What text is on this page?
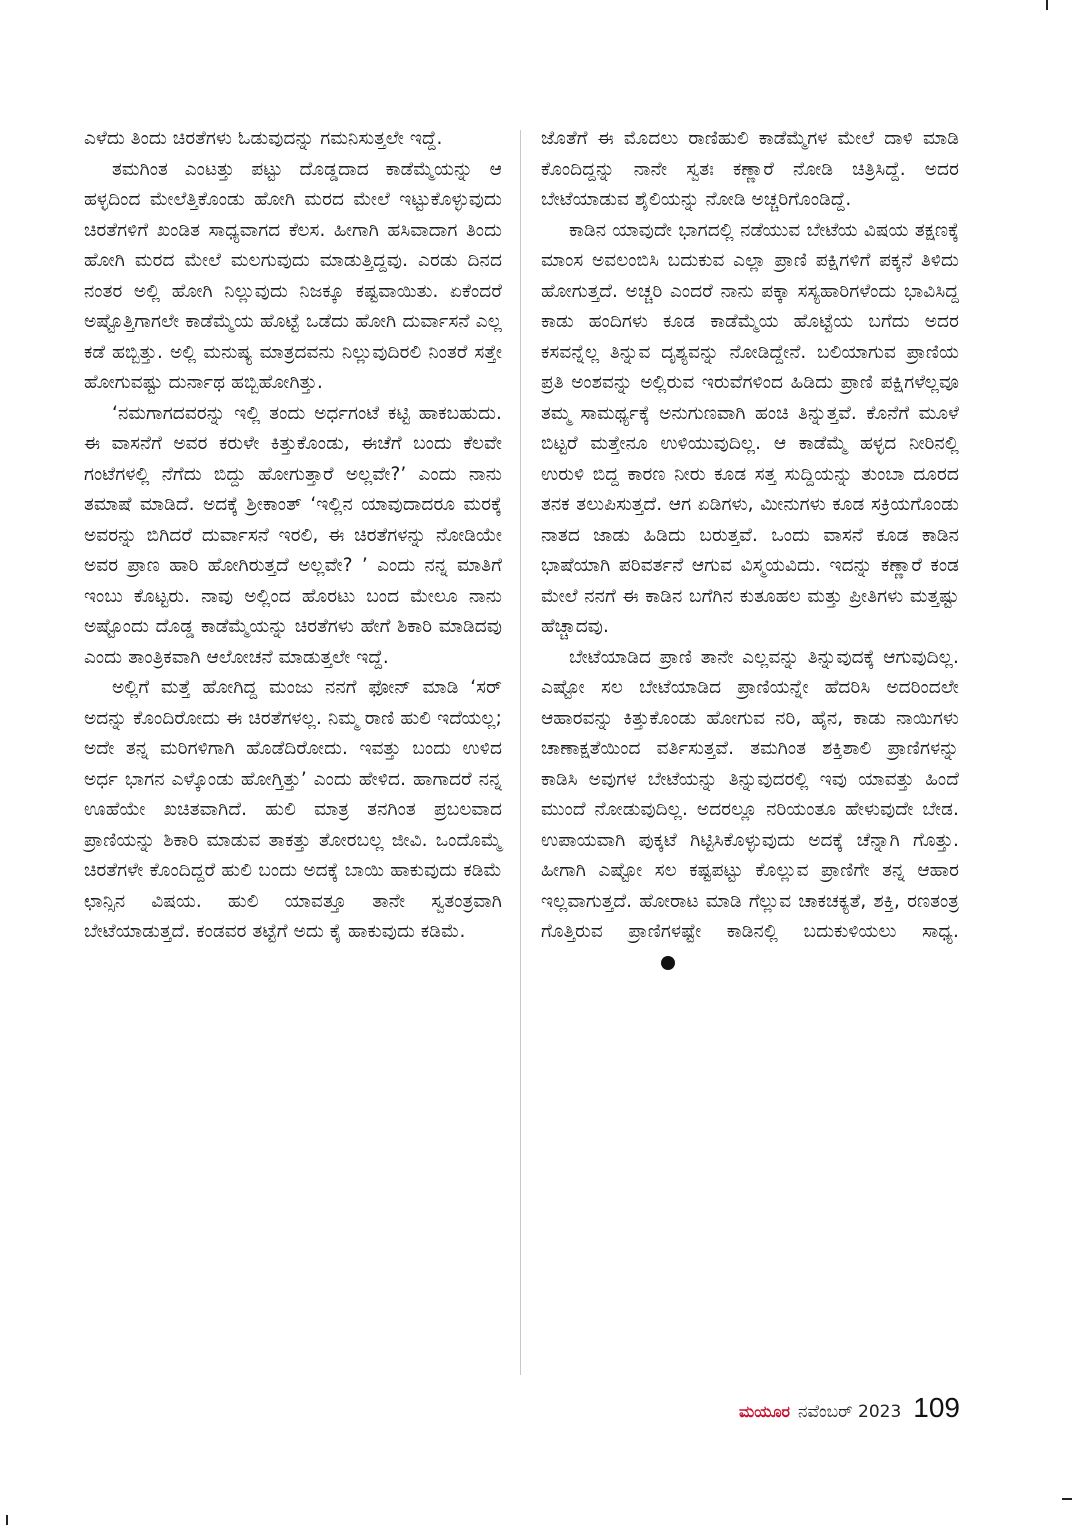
ಎಳೆದು ತಿಂದು ಚಿರತೆಗಳು ಓಡುವುದನ್ನು ಗಮನಿಸುತ್ತಲೇ ಇದ್ದೆ.

ತಮಗಿಂತ ಎಂಟತ್ತು ಪಟ್ಟು ದೊಡ್ಡದಾದ ಕಾಡೆಮ್ಮೆಯನ್ನು ಆ ಹಳ್ಳದಿಂದ ಮೇಲೆತ್ತಿಕೊಂಡು ಹೋಗಿ ಮರದ ಮೇಲೆ ಇಟ್ಟುಕೊಳ್ಳುವುದು ಚಿರತೆಗಳಿಗೆ ಖಂಡಿತ ಸಾಧ್ಯವಾಗದ ಕೆಲಸ. ಹೀಗಾಗಿ ಹಸಿವಾದಾಗ ತಿಂದು ಹೋಗಿ ಮರದ ಮೇಲೆ ಮಲಗುವುದು ಮಾಡುತ್ತಿದ್ದವು. ಎರಡು ದಿನದ ನಂತರ ಅಲ್ಲಿ ಹೋಗಿ ನಿಲ್ಲುವುದು ನಿಜಕ್ಕೂ ಕಷ್ಟವಾಯಿತು. ಏಕೆಂದರೆ ಅಷ್ಟೊತ್ತಿಗಾಗಲೇ ಕಾಡೆಮ್ಮೆಯ ಹೊಟ್ಟೆ ಒಡೆದು ಹೋಗಿ ದುರ್ವಾಸನೆ ಎಲ್ಲ ಕಡೆ ಹಬ್ಬಿತ್ತು. ಅಲ್ಲಿ ಮನುಷ್ಯ ಮಾತ್ರದವನು ನಿಲ್ಲುವುದಿರಲಿ ನಿಂತರೆ ಸತ್ತೇ ಹೋಗುವಷ್ಟು ದುರ್ನಾಥ ಹಬ್ಬಿಹೋಗಿತ್ತು.

‘ನಮಗಾಗದವರನ್ನು ಇಲ್ಲಿ ತಂದು ಅರ್ಧಗಂಟೆ ಕಟ್ಟಿ ಹಾಕಬಹುದು. ಈ ವಾಸನೆಗೆ ಅವರ ಕರುಳೇ ಕಿತ್ತುಕೊಂಡು, ಈಚೆಗೆ ಬಂದು ಕೆಲವೇ ಗಂಟೆಗಳಲ್ಲಿ ನೆಗೆದು ಬಿದ್ದು ಹೋಗುತ್ತಾರೆ ಅಲ್ಲವೇ?’ ಎಂದು ನಾನು ತಮಾಷೆ ಮಾಡಿದೆ. ಅದಕ್ಕೆ ಶ್ರೀಕಾಂತ್ ‘ಇಲ್ಲಿನ ಯಾವುದಾದರೂ ಮರಕ್ಕೆ ಅವರನ್ನು ಬಿಗಿದರೆ ದುರ್ವಾಸನೆ ಇರಲಿ, ಈ ಚಿರತೆಗಳನ್ನು ನೋಡಿಯೇ ಅವರ ಪ್ರಾಣ ಹಾರಿ ಹೋಗಿರುತ್ತದೆ ಅಲ್ಲವೇ? ’ ಎಂದು ನನ್ನ ಮಾತಿಗೆ ಇಂಬು ಕೊಟ್ಟರು. ನಾವು ಅಲ್ಲಿಂದ ಹೊರಟು ಬಂದ ಮೇಲೂ ನಾನು ಅಷ್ಟೊಂದು ದೊಡ್ಡ ಕಾಡೆಮ್ಮೆಯನ್ನು ಚಿರತೆಗಳು ಹೇಗೆ ಶಿಕಾರಿ ಮಾಡಿದವು ಎಂದು ತಾಂತ್ರಿಕವಾಗಿ ಆಲೋಚನೆ ಮಾಡುತ್ತಲೇ ಇದ್ದೆ.

ಅಲ್ಲಿಗೆ ಮತ್ತೆ ಹೋಗಿದ್ದ ಮಂಜು ನನಗೆ ಫೋನ್ ಮಾಡಿ ‘ಸರ್ ಅದನ್ನು ಕೊಂದಿರೋದು ಈ ಚಿರತೆಗಳಲ್ಲ. ನಿಮ್ಮ ರಾಣಿ ಹುಲಿ ಇದೆಯಲ್ಲ; ಅದೇ ತನ್ನ ಮರಿಗಳಿಗಾಗಿ ಹೊಡೆದಿರೋದು. ಇವತ್ತು ಬಂದು ಉಳಿದ ಅರ್ಧ ಭಾಗನ ಎಳ್ಕೊಂಡು ಹೋಗ್ತಿತ್ತು’ ಎಂದು ಹೇಳಿದ. ಹಾಗಾದರೆ ನನ್ನ ಊಹೆಯೇ ಖಚಿತವಾಗಿದೆ. ಹುಲಿ ಮಾತ್ರ ತನಗಿಂತ ಪ್ರಬಲವಾದ ಪ್ರಾಣಿಯನ್ನು ಶಿಕಾರಿ ಮಾಡುವ ತಾಕತ್ತು ತೋರಬಲ್ಲ ಜೀವಿ. ಒಂದೊಮ್ಮೆ ಚಿರತೆಗಳೇ ಕೊಂದಿದ್ದರೆ ಹುಲಿ ಬಂದು ಅದಕ್ಕೆ ಬಾಯಿ ಹಾಕುವುದು ಕಡಿಮೆ ಛಾನ್ಸಿನ ವಿಷಯ. ಹುಲಿ ಯಾವತ್ತೂ ತಾನೇ ಸ್ವತಂತ್ರವಾಗಿ ಬೇಟೆಯಾಡುತ್ತದೆ. ಕಂಡವರ ತಟ್ಟೆಗೆ ಅದು ಕೈ ಹಾಕುವುದು ಕಡಿಮೆ.

ಜೊತೆಗೆ ಈ ಮೊದಲು ರಾಣಿಹುಲಿ ಕಾಡೆಮ್ಮೆಗಳ ಮೇಲೆ ದಾಳಿ ಮಾಡಿ ಕೊಂದಿದ್ದನ್ನು ನಾನೇ ಸ್ವತಃ ಕಣ್ಣಾರೆ ನೋಡಿ ಚಿತ್ರಿಸಿದ್ದೆ. ಅದರ ಬೇಟೆಯಾಡುವ ಶೈಲಿಯನ್ನು ನೋಡಿ ಅಚ್ಚರಿಗೊಂಡಿದ್ದೆ.

ಕಾಡಿನ ಯಾವುದೇ ಭಾಗದಲ್ಲಿ ನಡೆಯುವ ಬೇಟೆಯ ವಿಷಯ ತಕ್ಷಣಕ್ಕೆ ಮಾಂಸ ಅವಲಂಬಿಸಿ ಬದುಕುವ ಎಲ್ಲಾ ಪ್ರಾಣಿ ಪಕ್ಷಿಗಳಿಗೆ ಪಕ್ಕನೆ ತಿಳಿದು ಹೋಗುತ್ತದೆ. ಅಚ್ಚರಿ ಎಂದರೆ ನಾನು ಪಕ್ಕಾ ಸಸ್ಯಹಾರಿಗಳೆಂದು ಭಾವಿಸಿದ್ದ ಕಾಡು ಹಂದಿಗಳು ಕೂಡ ಕಾಡೆಮ್ಮೆಯ ಹೊಟ್ಟೆಯ ಬಗೆದು ಅದರ ಕಸವನ್ನೆಲ್ಲ ತಿನ್ನುವ ದೃಶ್ಯವನ್ನು ನೋಡಿದ್ದೇನೆ. ಬಲಿಯಾಗುವ ಪ್ರಾಣಿಯ ಪ್ರತಿ ಅಂಶವನ್ನು ಅಲ್ಲಿರುವ ಇರುವೆಗಳಿಂದ ಹಿಡಿದು ಪ್ರಾಣಿ ಪಕ್ಷಿಗಳೆಲ್ಲವೂ ತಮ್ಮ ಸಾಮರ್ಥ್ಯಕ್ಕೆ ಅನುಗುಣವಾಗಿ ಹಂಚಿ ತಿನ್ನುತ್ತವೆ. ಕೊನೆಗೆ ಮೂಳೆ ಬಿಟ್ಟರೆ ಮತ್ತೇನೂ ಉಳಿಯುವುದಿಲ್ಲ. ಆ ಕಾಡೆಮ್ಮೆ ಹಳ್ಳದ ನೀರಿನಲ್ಲಿ ಉರುಳಿ ಬಿದ್ದ ಕಾರಣ ನೀರು ಕೂಡ ಸತ್ತ ಸುದ್ದಿಯನ್ನು ತುಂಬಾ ದೂರದ ತನಕ ತಲುಪಿಸುತ್ತದೆ. ಆಗ ಏಡಿಗಳು, ಮೀನುಗಳು ಕೂಡ ಸಕ್ರಿಯಗೊಂಡು ನಾತದ ಜಾಡು ಹಿಡಿದು ಬರುತ್ತವೆ. ಒಂದು ವಾಸನೆ ಕೂಡ ಕಾಡಿನ ಭಾಷೆಯಾಗಿ ಪರಿವರ್ತನೆ ಆಗುವ ವಿಸ್ಮಯವಿದು. ಇದನ್ನು ಕಣ್ಣಾರೆ ಕಂಡ ಮೇಲೆ ನನಗೆ ಈ ಕಾಡಿನ ಬಗೆಗಿನ ಕುತೂಹಲ ಮತ್ತು ಪ್ರೀತಿಗಳು ಮತ್ತಷ್ಟು ಹೆಚ್ಚಾದವು.

ಬೇಟೆಯಾಡಿದ ಪ್ರಾಣಿ ತಾನೇ ಎಲ್ಲವನ್ನು ತಿನ್ನುವುದಕ್ಕೆ ಆಗುವುದಿಲ್ಲ. ಎಷ್ಟೋ ಸಲ ಬೇಟೆಯಾಡಿದ ಪ್ರಾಣಿಯನ್ನೇ ಹೆದರಿಸಿ ಅದರಿಂದಲೇ ಆಹಾರವನ್ನು ಕಿತ್ತುಕೊಂಡು ಹೋಗುವ ನರಿ, ಹೈನ, ಕಾಡು ನಾಯಿಗಳು ಚಾಣಾಕ್ಷತೆಯಿಂದ ವರ್ತಿಸುತ್ತವೆ. ತಮಗಿಂತ ಶಕ್ತಿಶಾಲಿ ಪ್ರಾಣಿಗಳನ್ನು ಕಾಡಿಸಿ ಅವುಗಳ ಬೇಟೆಯನ್ನು ತಿನ್ನುವುದರಲ್ಲಿ ಇವು ಯಾವತ್ತು ಹಿಂದೆ ಮುಂದೆ ನೋಡುವುದಿಲ್ಲ. ಅದರಲ್ಲೂ ನರಿಯಂತೂ ಹೇಳುವುದೇ ಬೇಡ. ಉಪಾಯವಾಗಿ ಪುಕ್ಕಟೆ ಗಿಟ್ಟಿಸಿಕೊಳ್ಳುವುದು ಅದಕ್ಕೆ ಚೆನ್ನಾಗಿ ಗೊತ್ತು. ಹೀಗಾಗಿ ಎಷ್ಟೋ ಸಲ ಕಷ್ಟಪಟ್ಟು ಕೊಲ್ಲುವ ಪ್ರಾಣಿಗೇ ತನ್ನ ಆಹಾರ ಇಲ್ಲವಾಗುತ್ತದೆ. ಹೋರಾಟ ಮಾಡಿ ಗೆಲ್ಲುವ ಚಾಕಚಕ್ಯತೆ, ಶಕ್ತಿ, ರಣತಂತ್ರ ಗೊತ್ತಿರುವ ಪ್ರಾಣಿಗಳಷ್ಟೇ ಕಾಡಿನಲ್ಲಿ ಬದುಕುಳಿಯಲು ಸಾಧ್ಯ.

ಮಯೂರ ನವೆಂಬರ್ 2023 109
